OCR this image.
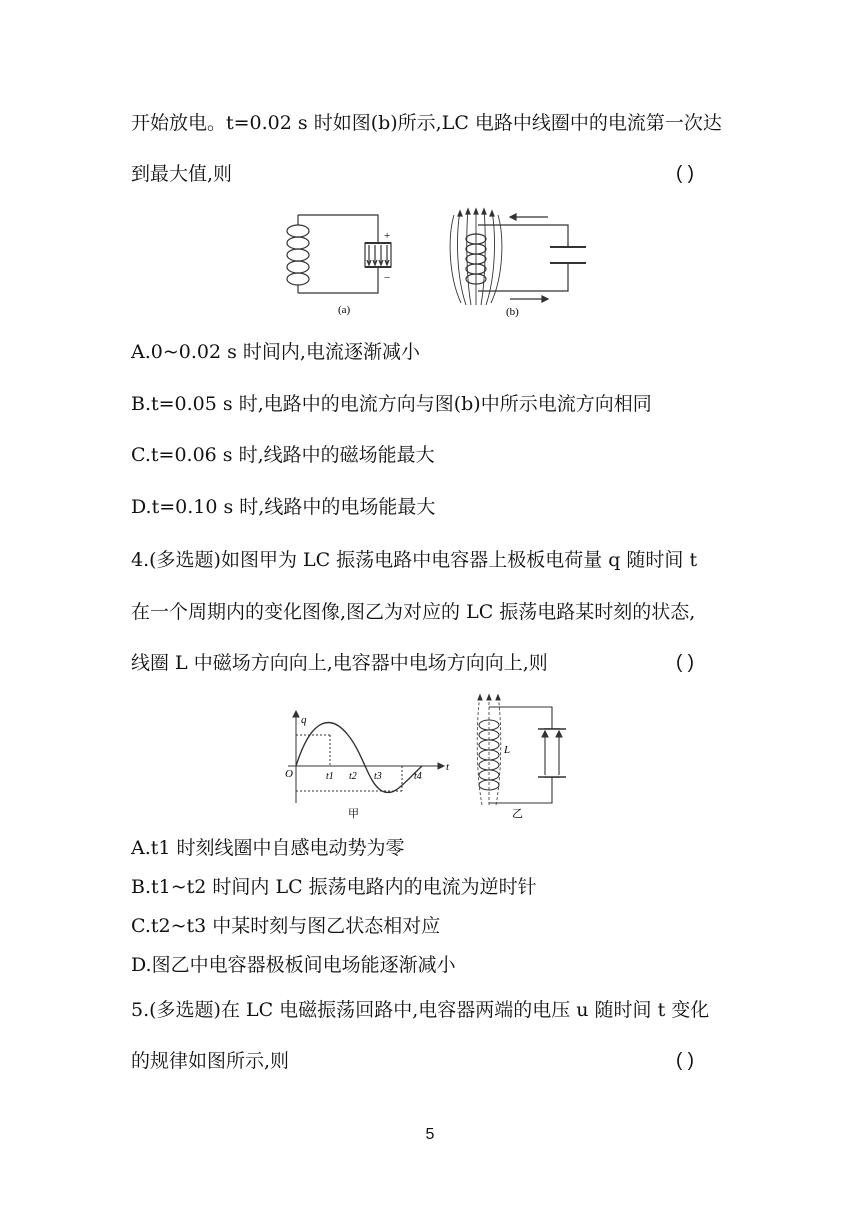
开始放电。t=0.02 s 时如图(b)所示,LC 电路中线圈中的电流第一次达
到最大值,则	( )
+
−
(a)	(b)
A.0~0.02 s 时间内,电流逐渐减小
B.t=0.05 s 时,电路中的电流方向与图(b)中所示电流方向相同
C.t=0.06 s 时,线路中的磁场能最大
D.t=0.10 s 时,线路中的电场能最大
4.(多选题)如图甲为 LC 振荡电路中电容器上极板电荷量 q 随时间 t
在一个周期内的变化图像,图乙为对应的 LC 振荡电路某时刻的状态,
线圈 L 中磁场方向向上,电容器中电场方向向上,则	( )
q
t
O	t1 t2 t3	t4
甲
L
乙
A.t1 时刻线圈中自感电动势为零
B.t1~t2 时间内 LC 振荡电路内的电流为逆时针
C.t2~t3 中某时刻与图乙状态相对应
D.图乙中电容器极板间电场能逐渐减小
5.(多选题)在 LC 电磁振荡回路中,电容器两端的电压 u 随时间 t 变化
的规律如图所示,则	( )
5
